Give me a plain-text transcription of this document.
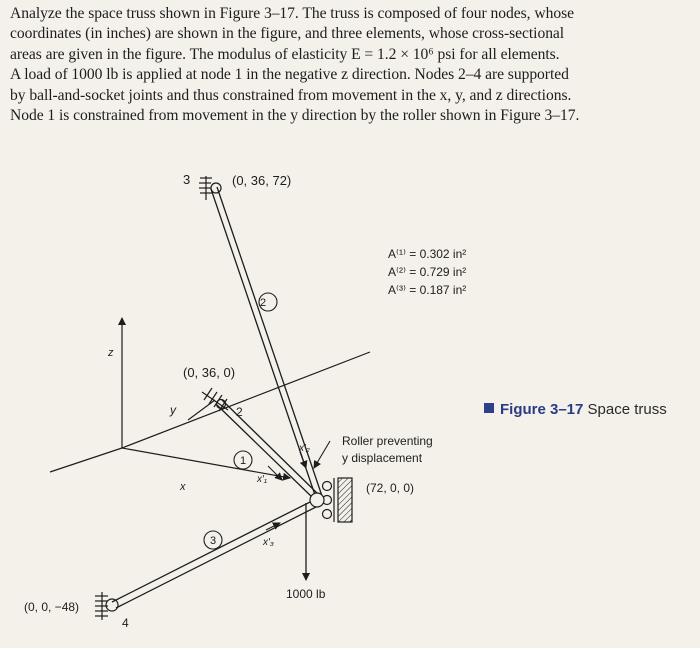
Analyze the space truss shown in Figure 3–17. The truss is composed of four nodes, whose
coordinates (in inches) are shown in the figure, and three elements, whose cross-sectional
areas are given in the figure. The modulus of elasticity E = 1.2 × 10⁶ psi for all elements.
A load of 1000 lb is applied at node 1 in the negative z direction. Nodes 2–4 are supported
by ball-and-socket joints and thus constrained from movement in the x, y, and z directions.
Node 1 is constrained from movement in the y direction by the roller shown in Figure 3–17.
2
1
3
3	(0, 36, 72)
(0, 36, 0)
2
(0, 0, −48)
4
(72, 0, 0)
z
y
x
x′₁
x′₂
x′₃
A⁽¹⁾ = 0.302 in²
A⁽²⁾ = 0.729 in²
A⁽³⁾ = 0.187 in²
Roller preventing
y displacement
1000 lb
Figure 3–17 Space truss
